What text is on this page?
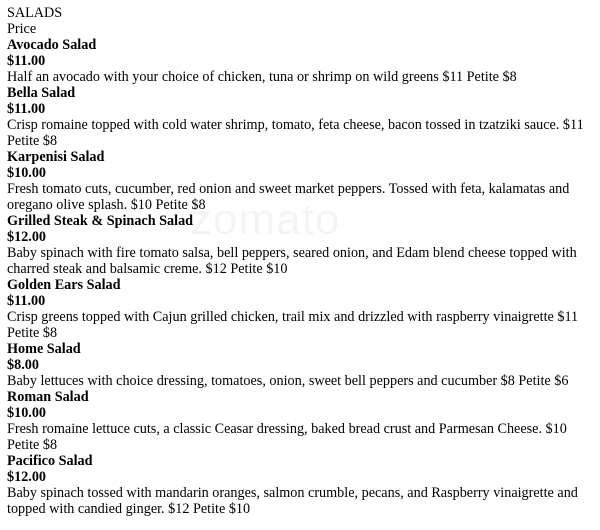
SALADS
Price
Avocado Salad
$11.00
Half an avocado with your choice of chicken, tuna or shrimp on wild greens $11 Petite $8
Bella Salad
$11.00
Crisp romaine topped with cold water shrimp, tomato, feta cheese, bacon tossed in tzatziki sauce. $11 Petite $8
Karpenisi Salad
$10.00
Fresh tomato cuts, cucumber, red onion and sweet market peppers. Tossed with feta, kalamatas and oregano olive splash. $10 Petite $8
Grilled Steak & Spinach Salad
$12.00
Baby spinach with fire tomato salsa, bell peppers, seared onion, and Edam blend cheese topped with charred steak and balsamic creme. $12 Petite $10
Golden Ears Salad
$11.00
Crisp greens topped with Cajun grilled chicken, trail mix and drizzled with raspberry vinaigrette $11 Petite $8
Home Salad
$8.00
Baby lettuces with choice dressing, tomatoes, onion, sweet bell peppers and cucumber $8 Petite $6
Roman Salad
$10.00
Fresh romaine lettuce cuts, a classic Ceasar dressing, baked bread crust and Parmesan Cheese. $10 Petite $8
Pacifico Salad
$12.00
Baby spinach tossed with mandarin oranges, salmon crumble, pecans, and Raspberry vinaigrette and topped with candied ginger. $12 Petite $10
